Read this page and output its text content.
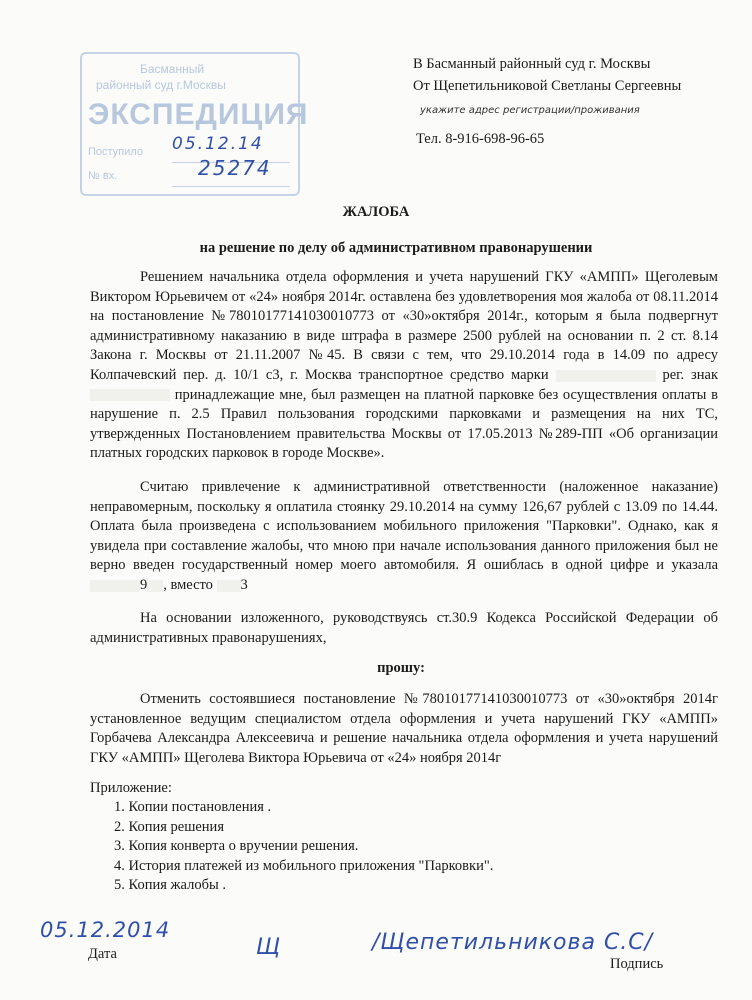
Басманный
районный суд г.Москвы
ЭКСПЕДИЦИЯ
Поступило
№ вх.
05.12.14
25274
В Басманный районный суд г. Москвы
От Щепетильниковой Светланы Сергеевны
укажите адрес регистрации/проживания
Тел. 8-916-698-96-65
ЖАЛОБА
на решение по делу об административном правонарушении

Решением начальника отдела оформления и учета нарушений ГКУ «АМПП» Щеголевым Виктором Юрьевичем от «24» ноября 2014г. оставлена без удовлетворения моя жалоба от 08.11.2014 на постановление №78010177141030010773 от «30»октября 2014г., которым я была подвергнут административному наказанию в виде штрафа в размере 2500 рублей на основании п. 2 ст. 8.14 Закона г. Москвы от 21.11.2007 №45. В связи с тем, что 29.10.2014 года в 14.09 по адресу Колпачевский пер. д. 10/1 с3, г. Москва транспортное средство марки	рег. знак  принадлежащие мне, был размещен на платной парковке без осуществления оплаты в нарушение п. 2.5 Правил пользования городскими парковками и размещения на них ТС, утвержденных Постановлением правительства Москвы от 17.05.2013 №289-ПП «Об организации платных городских парковок в городе Москве».

Считаю привлечение к административной ответственности (наложенное наказание) неправомерным, поскольку я оплатила стоянку 29.10.2014 на сумму 126,67 рублей с 13.09 по 14.44. Оплата была произведена с использованием мобильного приложения "Парковки". Однако, как я увидела при составление жалобы, что мною при начале использования данного приложения был не верно введен государственный номер моего автомобиля. Я ошиблась в одной цифре и указала 9 , вместо 3

На основании изложенного, руководствуясь ст.30.9 Кодекса Российской Федерации об административных правонарушениях,

прошу:

Отменить состоявшиеся постановление №78010177141030010773 от «30»октября 2014г установленное ведущим специалистом отдела оформления и учета нарушений ГКУ «АМПП» Горбачева Александра Алексеевича и решение начальника отдела оформления и учета нарушений ГКУ «АМПП» Щеголева Виктора Юрьевича от «24» ноября 2014г

Приложение:
1. Копии постановления .
2. Копия решения
3. Копия конверта о вручении решения.
4. История платежей из мобильного приложения "Парковки".
5. Копия жалобы .
05.12.2014
Дата	Щ	/Щепетильникова С.С/
Подпись
